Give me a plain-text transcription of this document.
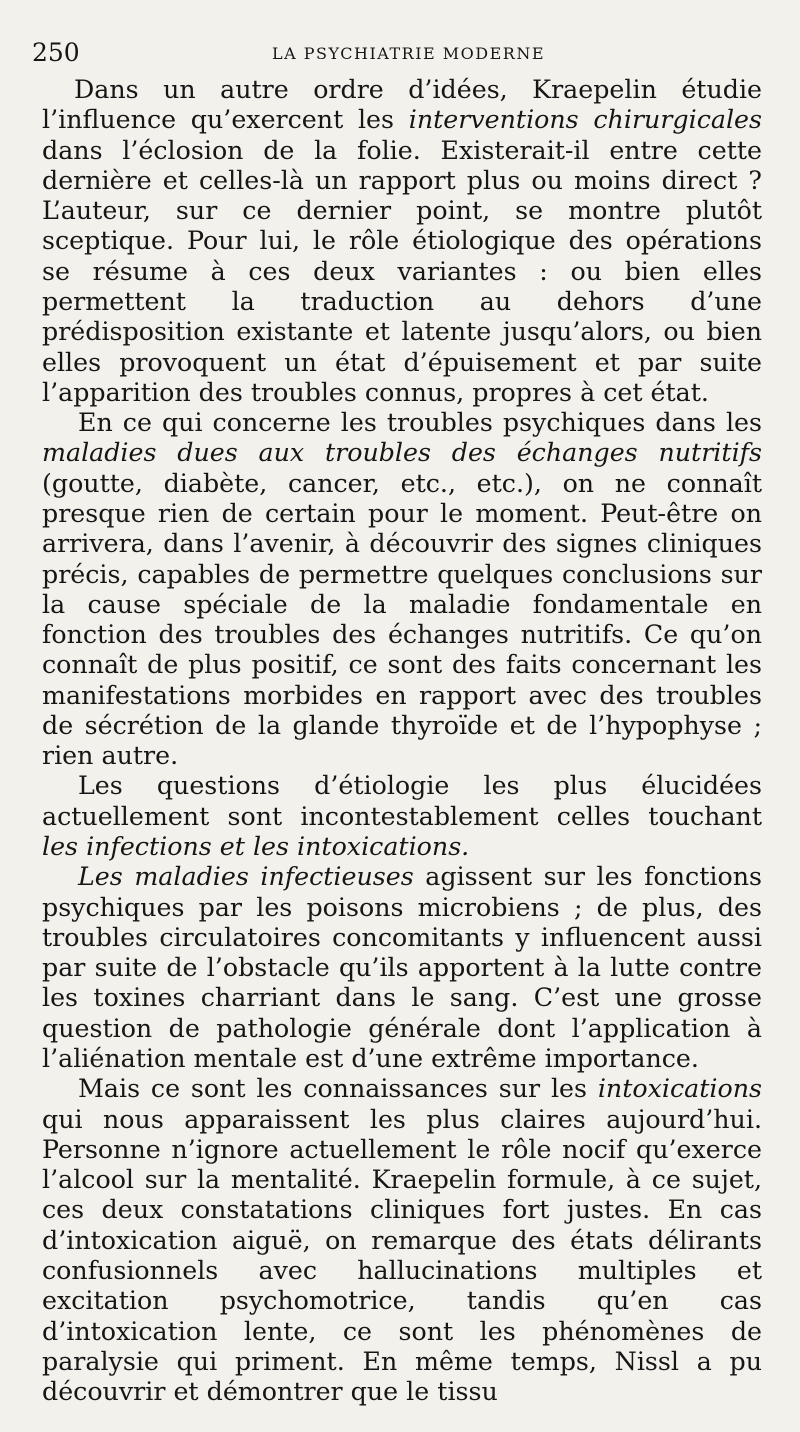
250	LA PSYCHIATRIE MODERNE

Dans un autre ordre d’idées, Kraepelin étudie l’influence qu’exercent les interventions chirurgicales dans l’éclosion de la folie. Existerait-il entre cette dernière et celles-là un rapport plus ou moins direct ? L’auteur, sur ce dernier point, se montre plutôt sceptique. Pour lui, le rôle étiologique des opérations se résume à ces deux variantes : ou bien elles permettent la traduction au dehors d’une prédisposition existante et latente jusqu’alors, ou bien elles provoquent un état d’épuisement et par suite l’apparition des troubles connus, propres à cet état.

En ce qui concerne les troubles psychiques dans les maladies dues aux troubles des échanges nutritifs (goutte, diabète, cancer, etc., etc.), on ne connaît presque rien de certain pour le moment. Peut-être on arrivera, dans l’avenir, à découvrir des signes cliniques précis, capables de permettre quelques conclusions sur la cause spéciale de la maladie fondamentale en fonction des troubles des échanges nutritifs. Ce qu’on connaît de plus positif, ce sont des faits concernant les manifestations morbides en rapport avec des troubles de sécrétion de la glande thyroïde et de l’hypophyse ; rien autre.

Les questions d’étiologie les plus élucidées actuellement sont incontestablement celles touchant les infections et les intoxications.

Les maladies infectieuses agissent sur les fonctions psychiques par les poisons microbiens ; de plus, des troubles circulatoires concomitants y influencent aussi par suite de l’obstacle qu’ils apportent à la lutte contre les toxines charriant dans le sang. C’est une grosse question de pathologie générale dont l’application à l’aliénation mentale est d’une extrême importance.

Mais ce sont les connaissances sur les intoxications qui nous apparaissent les plus claires aujourd’hui. Personne n’ignore actuellement le rôle nocif qu’exerce l’alcool sur la mentalité. Kraepelin formule, à ce sujet, ces deux constatations cliniques fort justes. En cas d’intoxication aiguë, on remarque des états délirants confusionnels avec hallucinations multiples et excitation psychomotrice, tandis qu’en cas d’intoxication lente, ce sont les phénomènes de paralysie qui priment. En même temps, Nissl a pu découvrir et démontrer que le tissu
